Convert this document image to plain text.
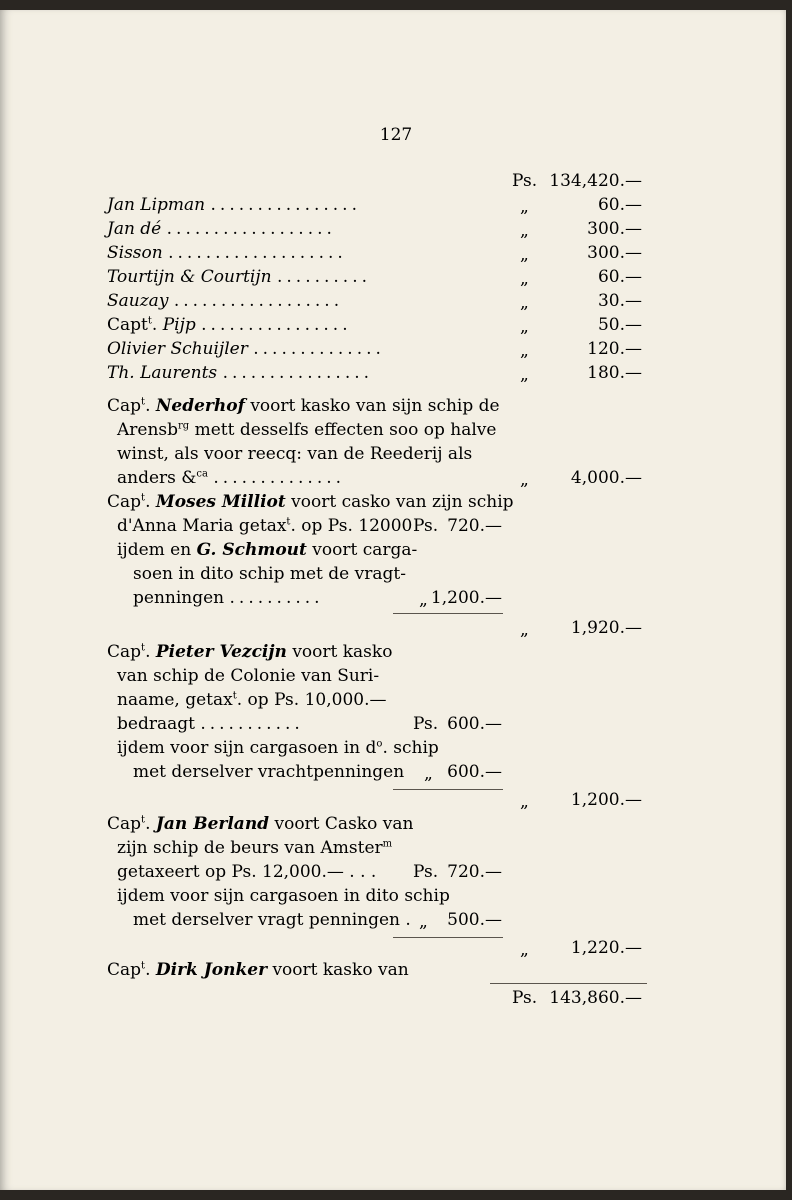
127
Ps. 134,420.—
Jan Lipman ................	„	60.—
Jan dé ..................	„	300.—
Sisson ...................	„	300.—
Tourtijn & Courtijn ..........	„	60.—
Sauzay ..................	„	30.—
Capt$^t$. Pijp ................	„	50.—
Olivier Schuijler ..............	„	120.—
Th. Laurents ................	„	180.—
Cap$^t$. Nederhof voort kasko van sijn schip de
Arensb$^{rg}$ mett desselfs effecten soo op halve
winst, als voor reecq: van de Reederij als
anders &$^{ca}$ ..............	„ 4,000.—
Cap$^t$. Moses Milliot voort casko van zijn schip
d'Anna Maria getax$^t$. op Ps. 12000 Ps. 720.—
ijdem en G. Schmout voort carga-
soen in dito schip met de vragt-
penningen ..........	„ 1,200.—
„ 1,920.—
Cap$^t$. Pieter Vezcijn voort kasko
van schip de Colonie van Suri-
naame, getax$^t$. op Ps. 10,000.—
bedraagt ...........	Ps. 600.—
ijdem voor sijn cargasoen in $d^o$. schip
met derselver vrachtpenningen „ 600.—
„ 1,200.—
Cap$^t$. Jan Berland voort Casko van
zijn schip de beurs van Amster$^m$
getaxeert op Ps. 12,000.— . . . Ps. 720.—
ijdem voor sijn cargasoen in dito schip
met derselver vragt penningen . „ 500.—
„ 1,220.—
Cap$^t$. Dirk Jonker voort kasko van
Ps. 143,860.—
